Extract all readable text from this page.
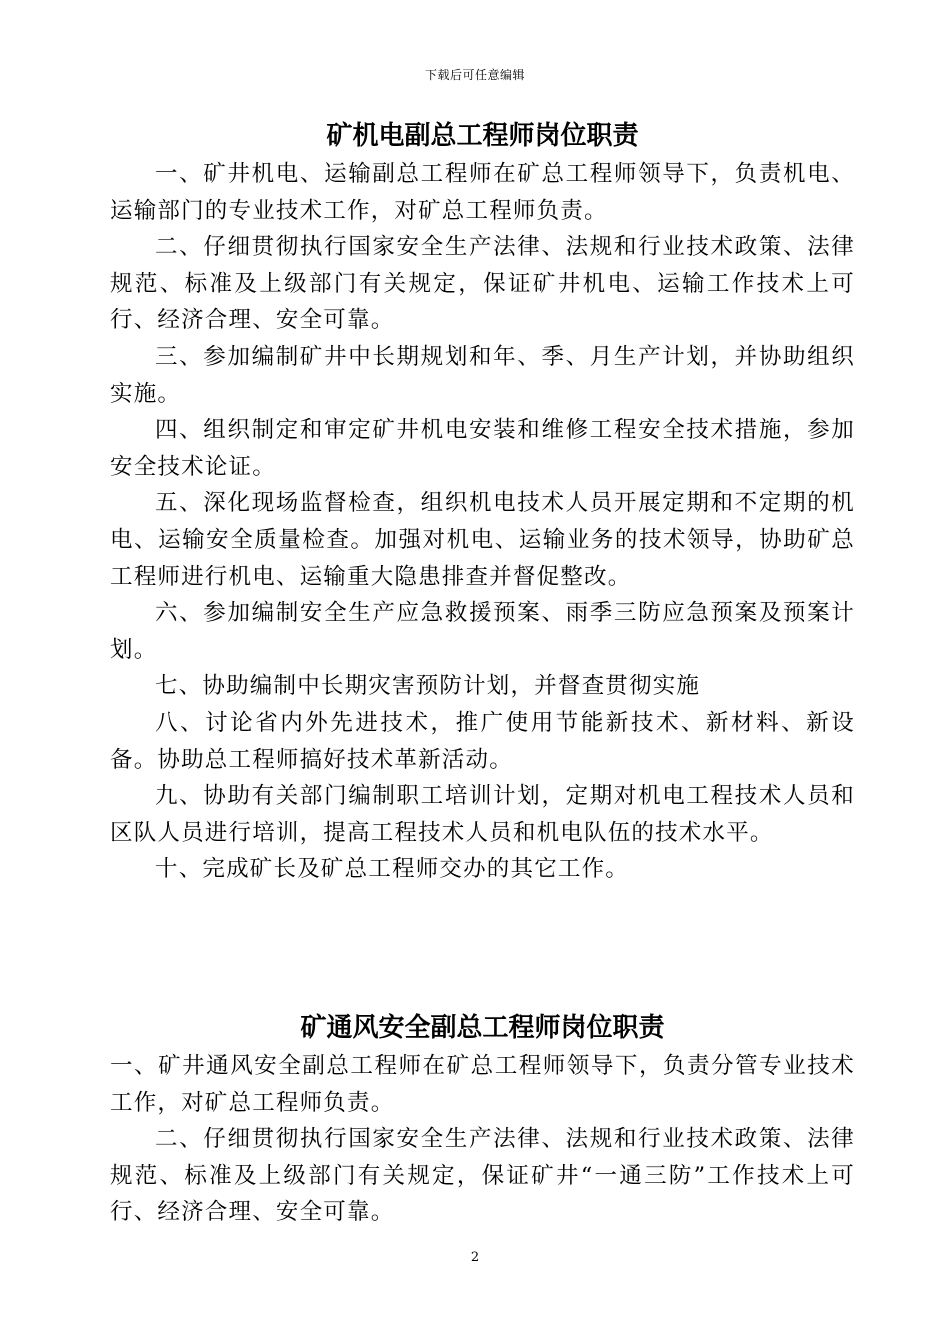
下载后可任意编辑
矿机电副总工程师岗位职责

一、矿井机电、运输副总工程师在矿总工程师领导下，负责机电、运输部门的专业技术工作，对矿总工程师负责。

二、仔细贯彻执行国家安全生产法律、法规和行业技术政策、法律规范、标准及上级部门有关规定，保证矿井机电、运输工作技术上可行、经济合理、安全可靠。

三、参加编制矿井中长期规划和年、季、月生产计划，并协助组织实施。

四、组织制定和审定矿井机电安装和维修工程安全技术措施，参加安全技术论证。

五、深化现场监督检查，组织机电技术人员开展定期和不定期的机电、运输安全质量检查。加强对机电、运输业务的技术领导，协助矿总工程师进行机电、运输重大隐患排查并督促整改。

六、参加编制安全生产应急救援预案、雨季三防应急预案及预案计划。

七、协助编制中长期灾害预防计划，并督查贯彻实施

八、讨论省内外先进技术，推广使用节能新技术、新材料、新设备。协助总工程师搞好技术革新活动。

九、协助有关部门编制职工培训计划，定期对机电工程技术人员和区队人员进行培训，提高工程技术人员和机电队伍的技术水平。

十、完成矿长及矿总工程师交办的其它工作。

矿通风安全副总工程师岗位职责

一、矿井通风安全副总工程师在矿总工程师领导下，负责分管专业技术工作，对矿总工程师负责。

二、仔细贯彻执行国家安全生产法律、法规和行业技术政策、法律规范、标准及上级部门有关规定，保证矿井“一通三防”工作技术上可行、经济合理、安全可靠。

2
